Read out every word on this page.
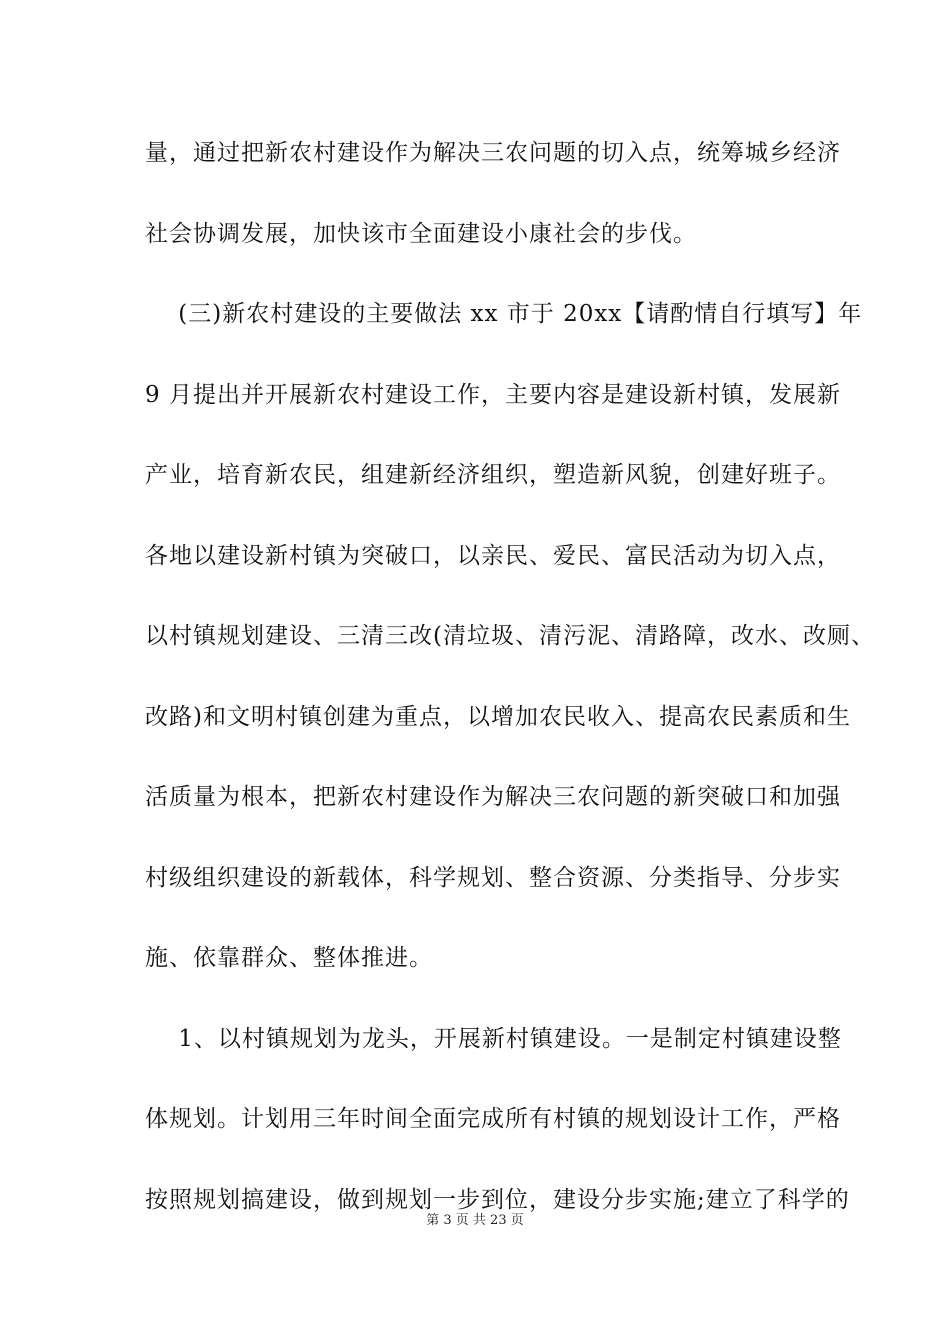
量，通过把新农村建设作为解决三农问题的切入点，统筹城乡经济
社会协调发展，加快该市全面建设小康社会的步伐。
(三)新农村建设的主要做法 xx 市于 20xx【请酌情自行填写】年
9 月提出并开展新农村建设工作，主要内容是建设新村镇，发展新
产业，培育新农民，组建新经济组织，塑造新风貌，创建好班子。
各地以建设新村镇为突破口，以亲民、爱民、富民活动为切入点，
以村镇规划建设、三清三改(清垃圾、清污泥、清路障，改水、改厕、
改路)和文明村镇创建为重点，以增加农民收入、提高农民素质和生
活质量为根本，把新农村建设作为解决三农问题的新突破口和加强
村级组织建设的新载体，科学规划、整合资源、分类指导、分步实
施、依靠群众、整体推进。
1、以村镇规划为龙头，开展新村镇建设。一是制定村镇建设整
体规划。计划用三年时间全面完成所有村镇的规划设计工作，严格
按照规划搞建设，做到规划一步到位，建设分步实施;建立了科学的
第 3 页 共 23 页
